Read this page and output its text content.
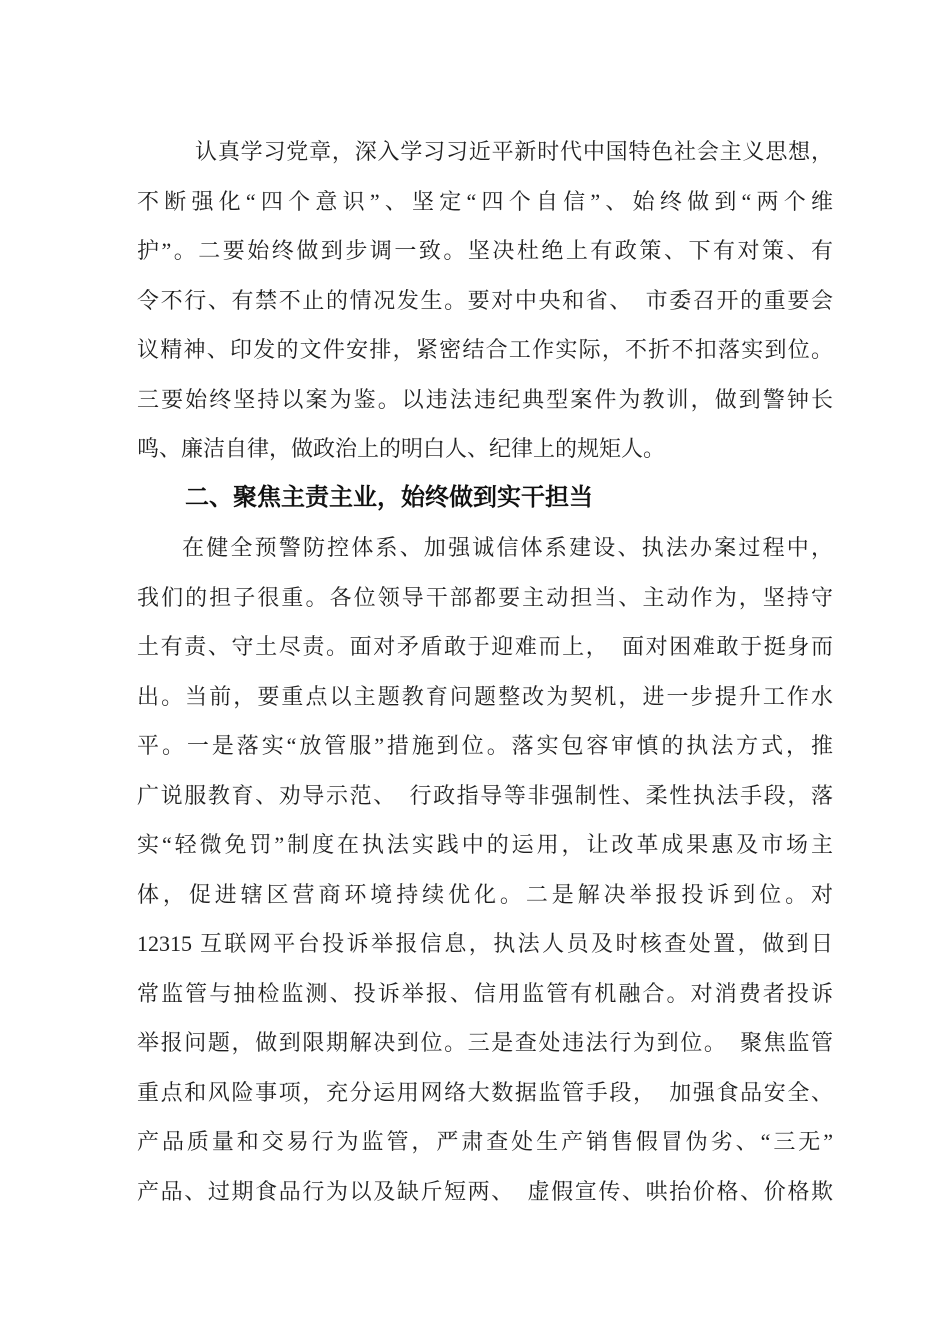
认真学习党章，深入学习习近平新时代中国特色社会主义思想，
不断强化“四个意识”、坚定“四个自信”、始终做到“两个维
护”。二要始终做到步调一致。坚决杜绝上有政策、下有对策、有
令不行、有禁不止的情况发生。要对中央和省、　市委召开的重要会
议精神、印发的文件安排，紧密结合工作实际，不折不扣落实到位。
三要始终坚持以案为鉴。以违法违纪典型案件为教训，做到警钟长
鸣、廉洁自律，做政治上的明白人、纪律上的规矩人。
二、聚焦主责主业，始终做到实干担当
在健全预警防控体系、加强诚信体系建设、执法办案过程中，
我们的担子很重。各位领导干部都要主动担当、主动作为，坚持守
土有责、守土尽责。面对矛盾敢于迎难而上，　面对困难敢于挺身而
出。当前，要重点以主题教育问题整改为契机，进一步提升工作水
平。一是落实“放管服”措施到位。落实包容审慎的执法方式，推
广说服教育、劝导示范、　行政指导等非强制性、柔性执法手段，落
实“轻微免罚”制度在执法实践中的运用，让改革成果惠及市场主
体，促进辖区营商环境持续优化。二是解决举报投诉到位。对
12315 互联网平台投诉举报信息，执法人员及时核查处置，做到日
常监管与抽检监测、投诉举报、信用监管有机融合。对消费者投诉
举报问题，做到限期解决到位。三是查处违法行为到位。　聚焦监管
重点和风险事项，充分运用网络大数据监管手段，　加强食品安全、
产品质量和交易行为监管，严肃查处生产销售假冒伪劣、“三无”
产品、过期食品行为以及缺斤短两、　虚假宣传、哄抬价格、价格欺
